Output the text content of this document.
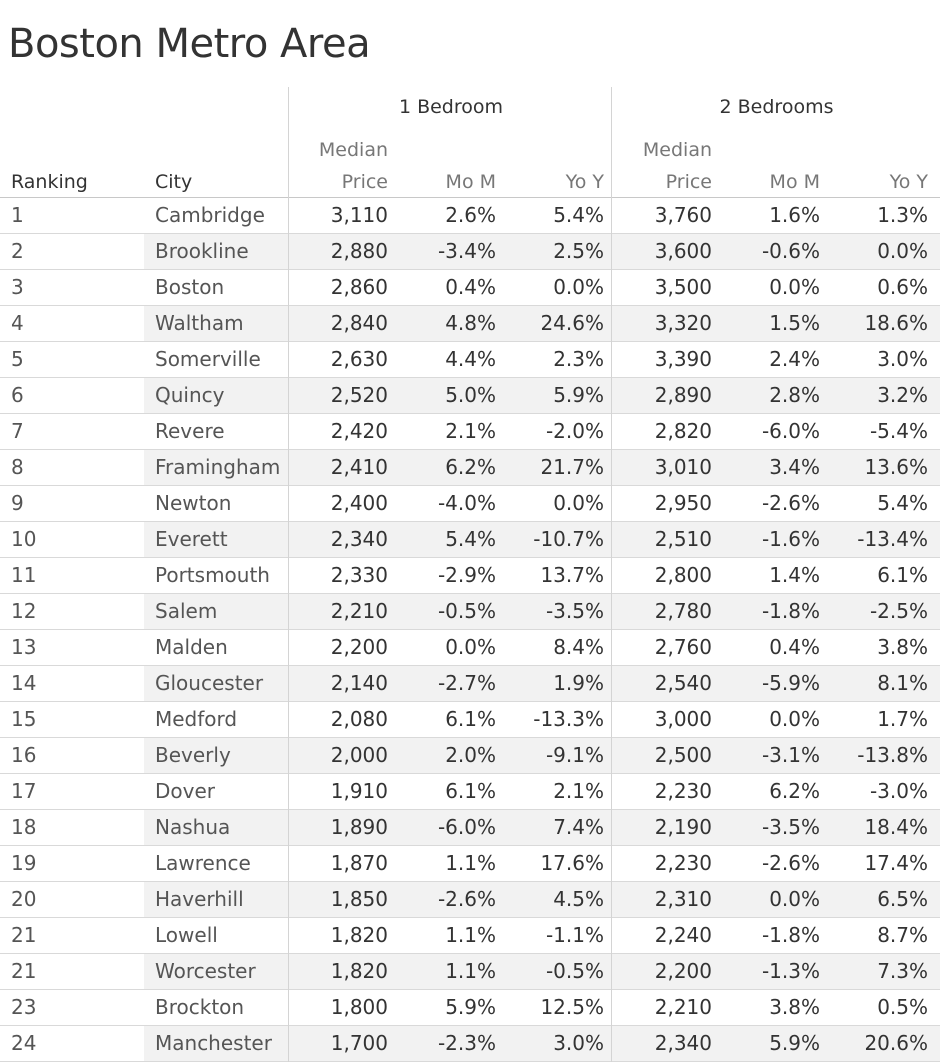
Boston Metro Area
1 Bedroom	2 Bedrooms
Ranking	City
Median
Price	Mo M	Yo Y
Median
Price	Mo M	Yo Y
1	Cambridge	3,110	2.6%	5.4%	3,760	1.6%	1.3%
2	Brookline	2,880 -3.4%	2.5%	3,600 -0.6%	0.0%
3	Boston	2,860	0.4%	0.0%	3,500	0.0%	0.6%
4	Waltham	2,840	4.8% 24.6%	3,320	1.5% 18.6%
5	Somerville	2,630	4.4%	2.3%	3,390	2.4%	3.0%
6	Quincy	2,520	5.0%	5.9%	2,890	2.8%	3.2%
7	Revere	2,420	2.1% -2.0%	2,820 -6.0% -5.4%
8	Framingham	2,410	6.2% 21.7%	3,010	3.4% 13.6%
9	Newton	2,400 -4.0%	0.0%	2,950 -2.6%	5.4%
10	Everett	2,340	5.4% -10.7%	2,510 -1.6% -13.4%
11	Portsmouth	2,330 -2.9% 13.7%	2,800	1.4%	6.1%
12	Salem	2,210 -0.5% -3.5%	2,780 -1.8% -2.5%
13	Malden	2,200	0.0%	8.4%	2,760	0.4%	3.8%
14	Gloucester	2,140 -2.7%	1.9%	2,540 -5.9%	8.1%
15	Medford	2,080	6.1% -13.3%	3,000	0.0%	1.7%
16	Beverly	2,000	2.0% -9.1%	2,500 -3.1% -13.8%
17	Dover	1,910	6.1%	2.1%	2,230	6.2% -3.0%
18	Nashua	1,890 -6.0%	7.4%	2,190 -3.5% 18.4%
19	Lawrence	1,870	1.1% 17.6%	2,230 -2.6% 17.4%
20	Haverhill	1,850 -2.6%	4.5%	2,310	0.0%	6.5%
21	Lowell	1,820	1.1% -1.1%	2,240 -1.8%	8.7%
21	Worcester	1,820	1.1% -0.5%	2,200 -1.3%	7.3%
23	Brockton	1,800	5.9% 12.5%	2,210	3.8%	0.5%
24	Manchester	1,700 -2.3%	3.0%	2,340	5.9% 20.6%
